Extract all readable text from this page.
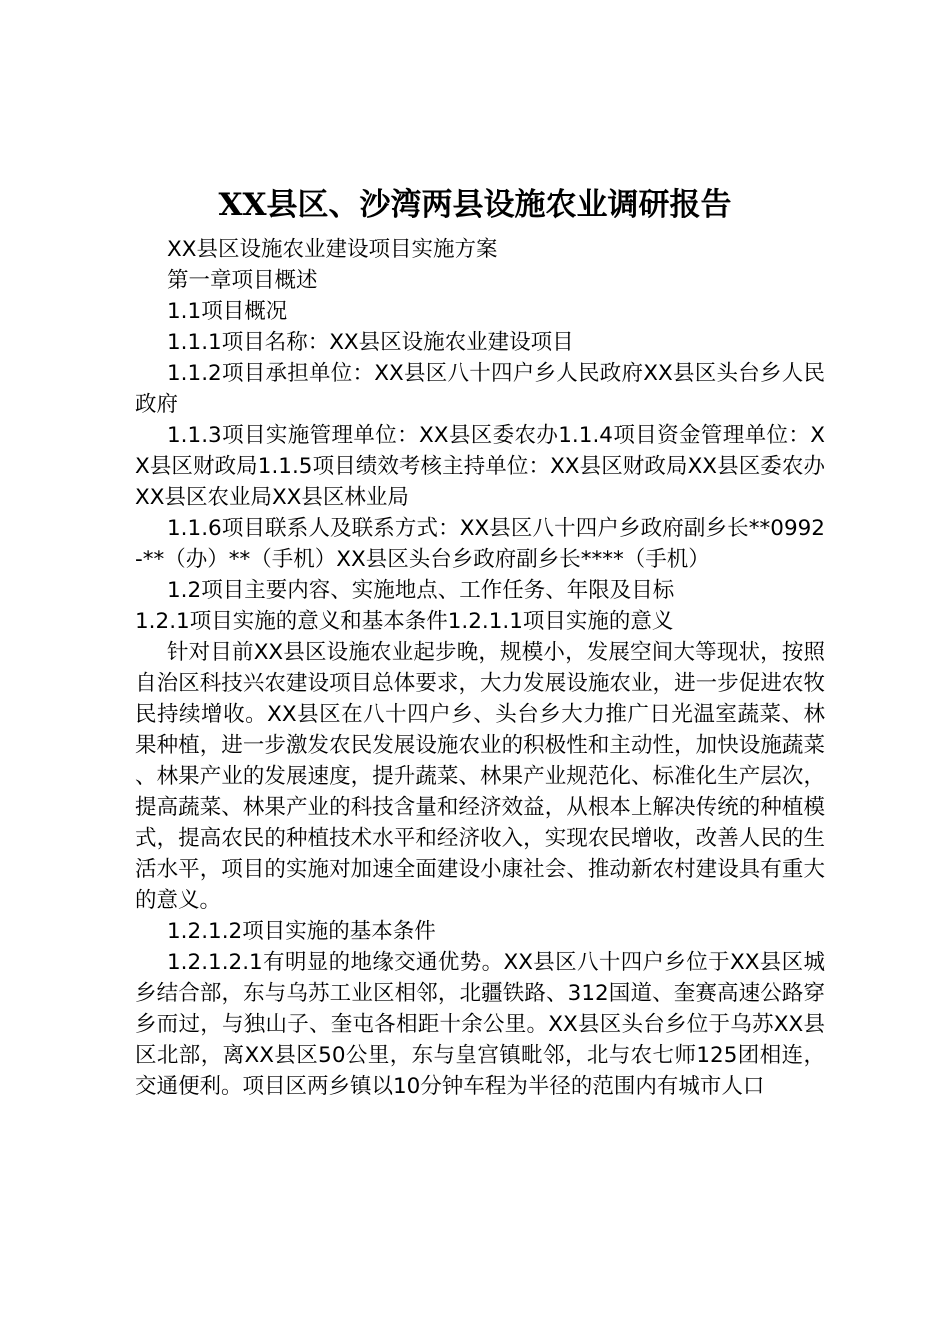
XX县区、沙湾两县设施农业调研报告

XX县区设施农业建设项目实施方案

第一章项目概述

1.1项目概况

1.1.1项目名称：XX县区设施农业建设项目

1.1.2项目承担单位：XX县区八十四户乡人民政府XX县区头台乡人民政府

1.1.3项目实施管理单位：XX县区委农办1.1.4项目资金管理单位：XX县区财政局1.1.5项目绩效考核主持单位：XX县区财政局XX县区委农办XX县区农业局XX县区林业局

1.1.6项目联系人及联系方式：XX县区八十四户乡政府副乡长**0992-**（办）**（手机）XX县区头台乡政府副乡长****（手机）

1.2项目主要内容、实施地点、工作任务、年限及目标

1.2.1项目实施的意义和基本条件1.2.1.1项目实施的意义

针对目前XX县区设施农业起步晚，规模小，发展空间大等现状，按照自治区科技兴农建设项目总体要求，大力发展设施农业，进一步促进农牧民持续增收。XX县区在八十四户乡、头台乡大力推广日光温室蔬菜、林果种植，进一步激发农民发展设施农业的积极性和主动性，加快设施蔬菜、林果产业的发展速度，提升蔬菜、林果产业规范化、标准化生产层次，提高蔬菜、林果产业的科技含量和经济效益，从根本上解决传统的种植模式，提高农民的种植技术水平和经济收入，实现农民增收，改善人民的生活水平，项目的实施对加速全面建设小康社会、推动新农村建设具有重大的意义。

1.2.1.2项目实施的基本条件

1.2.1.2.1有明显的地缘交通优势。XX县区八十四户乡位于XX县区城乡结合部，东与乌苏工业区相邻，北疆铁路、312国道、奎赛高速公路穿乡而过，与独山子、奎屯各相距十余公里。XX县区头台乡位于乌苏XX县区北部，离XX县区50公里，东与皇宫镇毗邻，北与农七师125团相连，交通便利。项目区两乡镇以10分钟车程为半径的范围内有城市人口
